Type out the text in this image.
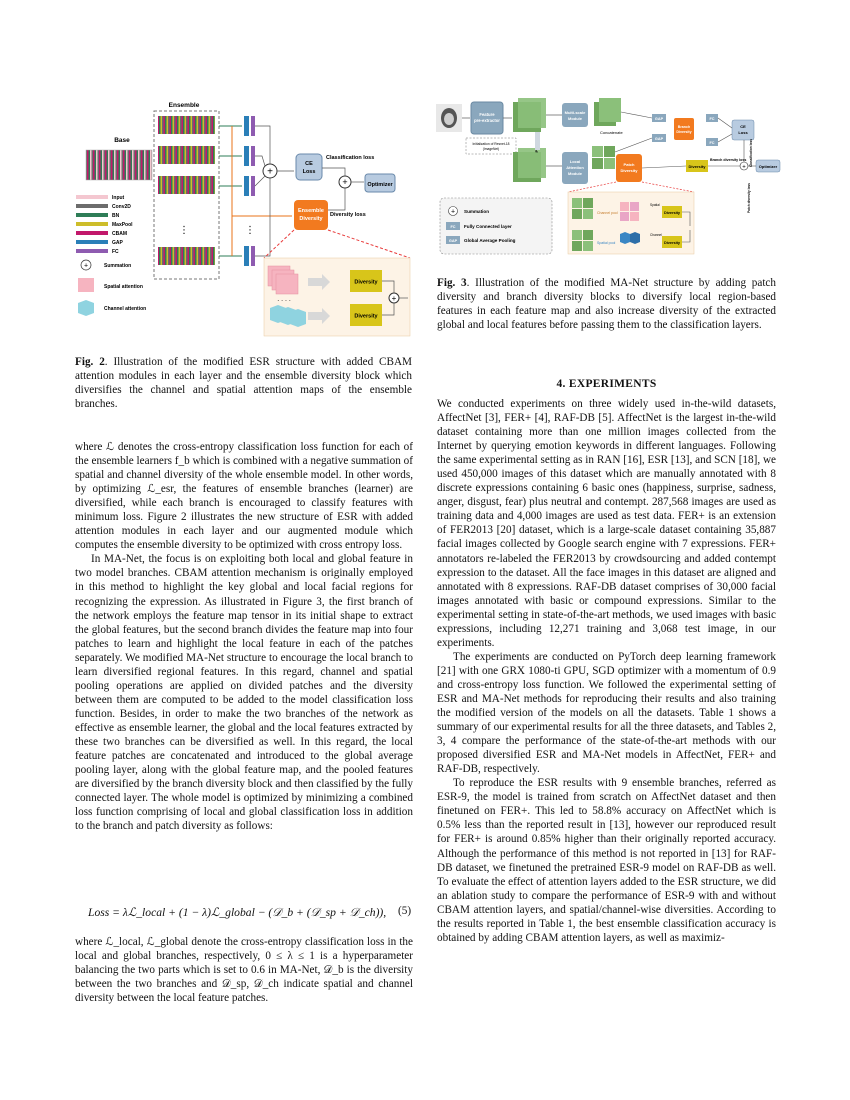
Ensemble
⋮
Base
Input
Conv2D
BN
MaxPool
CBAM
GAP
FC
+	Summation
Spatial attention
Channel attention
⋮
+
CE
Loss
Classification loss
+	Optimizer
Ensemble
Diversity
Diversity loss
. . . .
Diversity
Diversity
+
Fig. 2. Illustration of the modified ESR structure with added CBAM attention modules in each layer and the ensemble diversity block which diversifies the channel and spatial attention maps of the ensemble branches.
Feature
pre-extractor
Initialization of Resnet-18
(ImageNet)
Multi-scale
Module
Local
Attention
Module
Concatenate
Patch
Diversity
GAP
GAP
Branch
Diversity
FC
FC
CE
Loss
Diversity
Branch diversity loss
+	Optimizer
Classification loss
Patch diversity loss
Channel pool
Spatial pool
Spatial
Channel
Diversity
Diversity
+ Summation
FC Fully Connected layer
GAP Global Average Pooling
Fig. 3. Illustration of the modified MA-Net structure by adding patch diversity and branch diversity blocks to diversify local region-based features in each feature map and also increase diversity of the extracted global and local features before passing them to the classification layers.

where ℒ denotes the cross-entropy classification loss function for each of the ensemble learners f_b which is combined with a negative summation of spatial and channel diversity of the whole ensemble model. In other words, by optimizing ℒ_esr, the features of ensemble branches (learner) are diversified, while each branch is encouraged to classify features with minimum loss. Figure 2 illustrates the new structure of ESR with added attention modules in each layer and our augmented module which computes the ensemble diversity to be optimized with cross entropy loss.

In MA-Net, the focus is on exploiting both local and global feature in two model branches. CBAM attention mechanism is originally employed in this method to highlight the key global and local facial regions for recognizing the expression. As illustrated in Figure 3, the first branch of the network employs the feature map tensor in its initial shape to extract the global features, but the second branch divides the feature map into four patches to learn and highlight the local feature in each of the patches separately. We modified MA-Net structure to encourage the local branch to learn diversified regional features. In this regard, channel and spatial pooling operations are applied on divided patches and the diversity between them are computed to be added to the model classification loss function. Besides, in order to make the two branches of the network as effective as ensemble learner, the global and the local features extracted by these two branches can be diversified as well. In this regard, the local feature patches are concatenated and introduced to the global average pooling layer, along with the global feature map, and the pooled features are diversified by the branch diversity block and then classified by the fully connected layer. The whole model is optimized by minimizing a combined loss function comprising of local and global classification loss in addition to the branch and patch diversity as follows:

Loss = λℒ_local + (1 − λ)ℒ_global − (𝒟_b + (𝒟_sp + 𝒟_ch)), (5)

where ℒ_local, ℒ_global denote the cross-entropy classification loss in the local and global branches, respectively, 0 ≤ λ ≤ 1 is a hyperparameter balancing the two parts which is set to 0.6 in MA-Net, 𝒟_b is the diversity between the two branches and 𝒟_sp, 𝒟_ch indicate spatial and channel diversity between the local feature patches.

4. EXPERIMENTS

We conducted experiments on three widely used in-the-wild datasets, AffectNet [3], FER+ [4], RAF-DB [5]. AffectNet is the largest in-the-wild dataset containing more than one million images collected from the Internet by querying emotion keywords in different languages. Following the same experimental setting as in RAN [16], ESR [13], and SCN [18], we used 450,000 images of this dataset which are manually annotated with 8 discrete expressions containing 6 basic ones (happiness, surprise, sadness, anger, disgust, fear) plus neutral and contempt. 287,568 images are used as training data and 4,000 images are used as test data. FER+ is an extension of FER2013 [20] dataset, which is a large-scale dataset containing 35,887 facial images collected by Google search engine with 7 expressions. FER+ annotators re-labeled the FER2013 by crowdsourcing and added contempt expression to the dataset. All the face images in this dataset are aligned and annotated with 8 expressions. RAF-DB dataset comprises of 30,000 facial images annotated with basic or compound expressions. Similar to the experimental setting in state-of-the-art methods, we used images with basic expressions, including 12,271 training and 3,068 test image, in our experiments.

The experiments are conducted on PyTorch deep learning framework [21] with one GRX 1080-ti GPU, SGD optimizer with a momentum of 0.9 and cross-entropy loss function. We followed the experimental setting of ESR and MA-Net methods for reproducing their results and also training the modified version of the models on all the datasets. Table 1 shows a summary of our experimental results for all the three datasets, and Tables 2, 3, 4 compare the performance of the state-of-the-art methods with our proposed diversified ESR and MA-Net models in AffectNet, FER+ and RAF-DB, respectively.

To reproduce the ESR results with 9 ensemble branches, referred as ESR-9, the model is trained from scratch on AffectNet dataset and then finetuned on FER+. This led to 58.8% accuracy on AffectNet which is 0.5% less than the reported result in [13], however our reproduced result for FER+ is around 0.85% higher than their originally reported accuracy. Although the performance of this method is not reported in [13] for RAF-DB dataset, we finetuned the pretrained ESR-9 model on RAF-DB as well. To evaluate the effect of attention layers added to the ESR structure, we did an ablation study to compare the performance of ESR-9 with and without CBAM attention layers, and spatial/channel-wise diversities. According to the results reported in Table 1, the best ensemble classification accuracy is obtained by adding CBAM attention layers, as well as maximiz-
